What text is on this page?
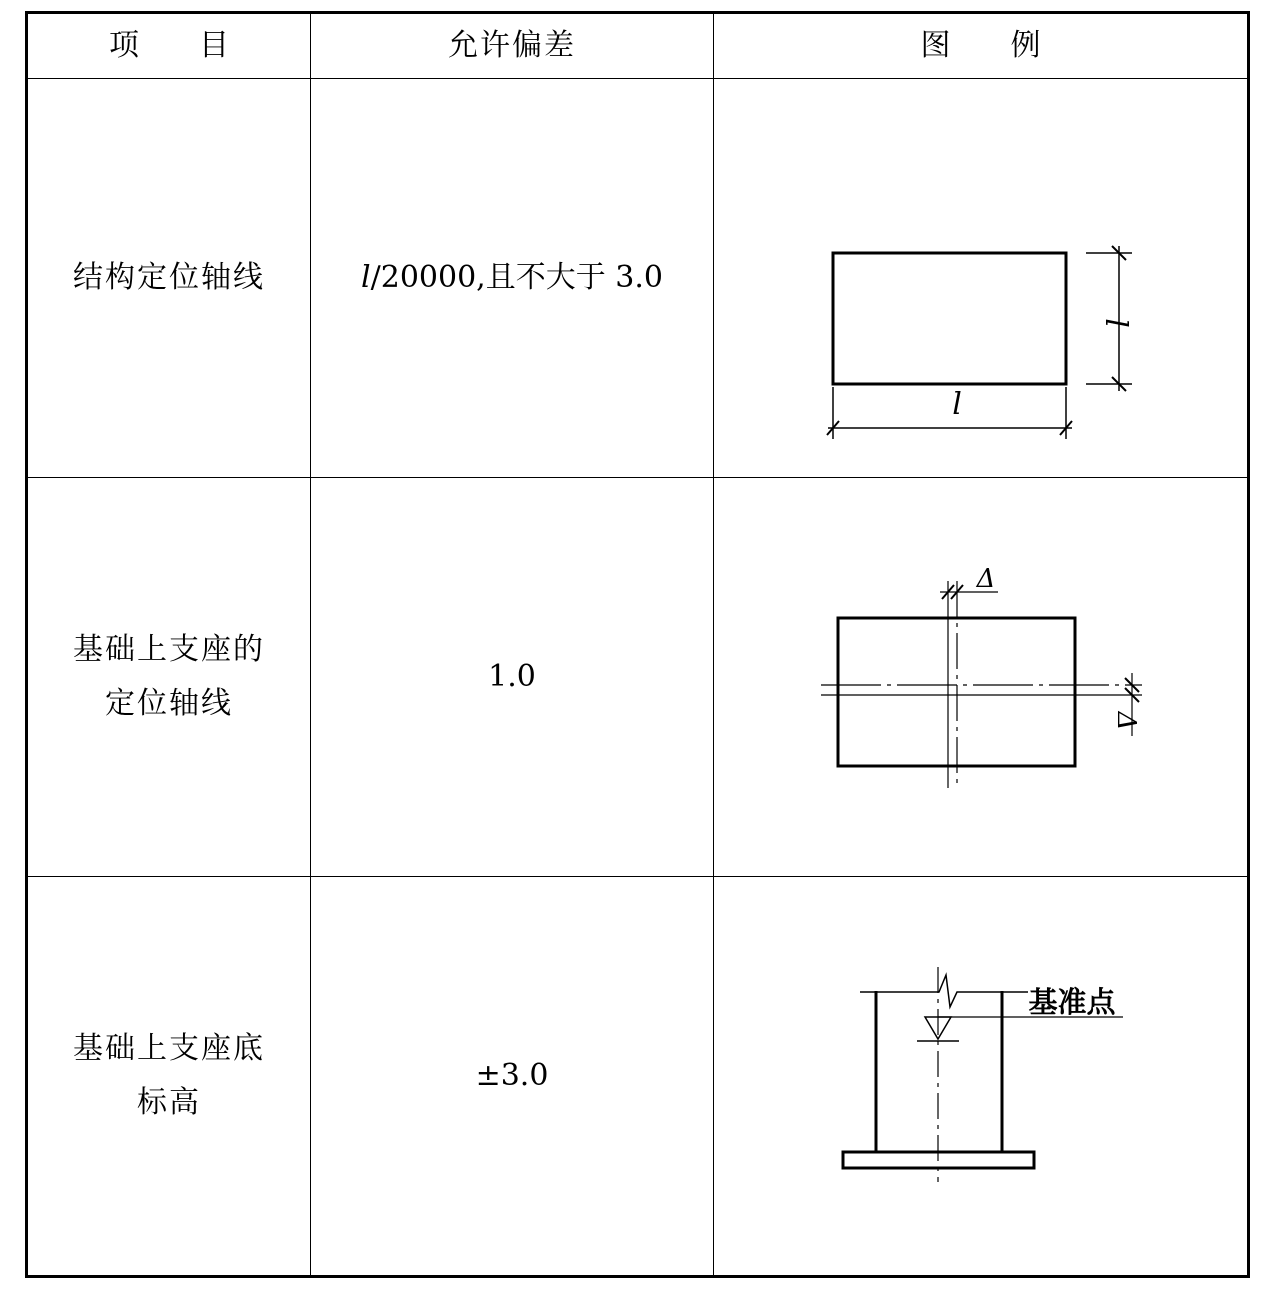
项　　目	允许偏差	图　　例

结构定位轴线	l/20000,且不大于 3.0	l
l

基础上支座的
定位轴线	1.0	Δ
Δ

基础上支座底
标高	±3.0	基准点
